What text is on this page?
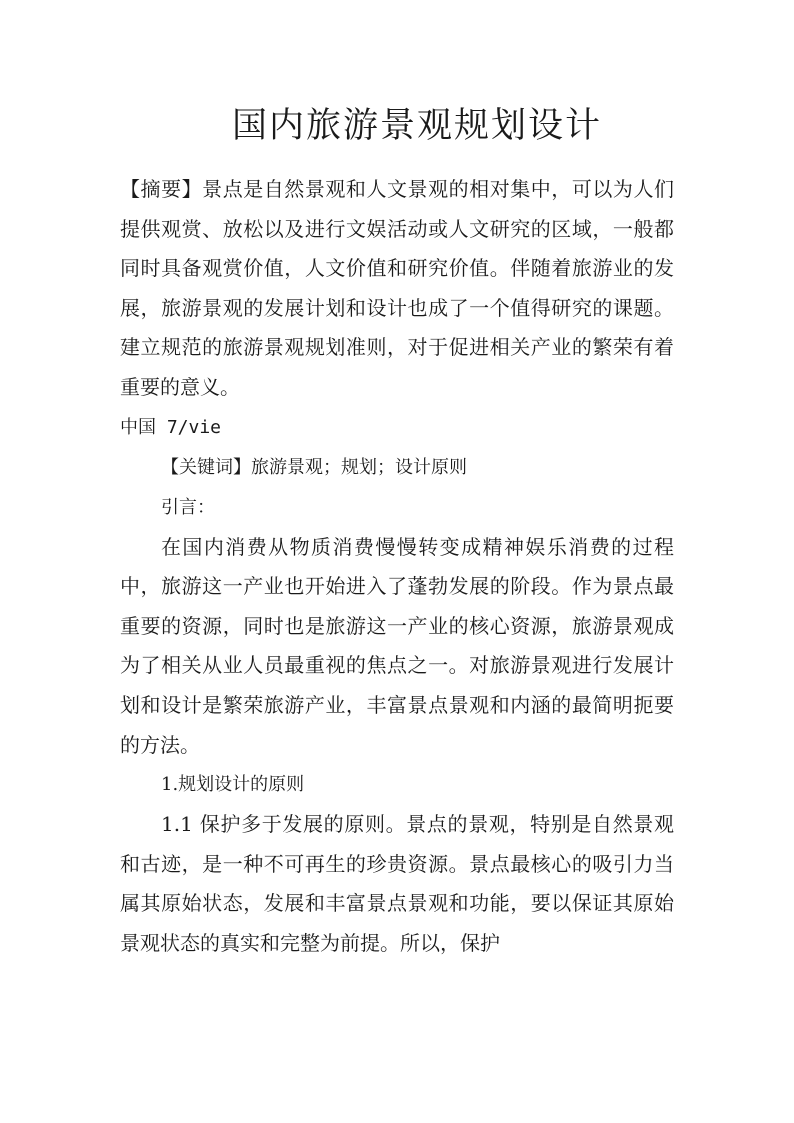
国内旅游景观规划设计

【摘要】景点是自然景观和人文景观的相对集中，可以为人们提供观赏、放松以及进行文娱活动或人文研究的区域，一般都同时具备观赏价值，人文价值和研究价值。伴随着旅游业的发展，旅游景观的发展计划和设计也成了一个值得研究的课题。建立规范的旅游景观规划准则，对于促进相关产业的繁荣有着重要的意义。

中国 7/vie

【关键词】旅游景观；规划；设计原则

引言：

在国内消费从物质消费慢慢转变成精神娱乐消费的过程中，旅游这一产业也开始进入了蓬勃发展的阶段。作为景点最重要的资源，同时也是旅游这一产业的核心资源，旅游景观成为了相关从业人员最重视的焦点之一。对旅游景观进行发展计划和设计是繁荣旅游产业，丰富景点景观和内涵的最简明扼要的方法。

1.规划设计的原则

1.1 保护多于发展的原则。景点的景观，特别是自然景观和古迹，是一种不可再生的珍贵资源。景点最核心的吸引力当属其原始状态，发展和丰富景点景观和功能，要以保证其原始景观状态的真实和完整为前提。所以，保护
